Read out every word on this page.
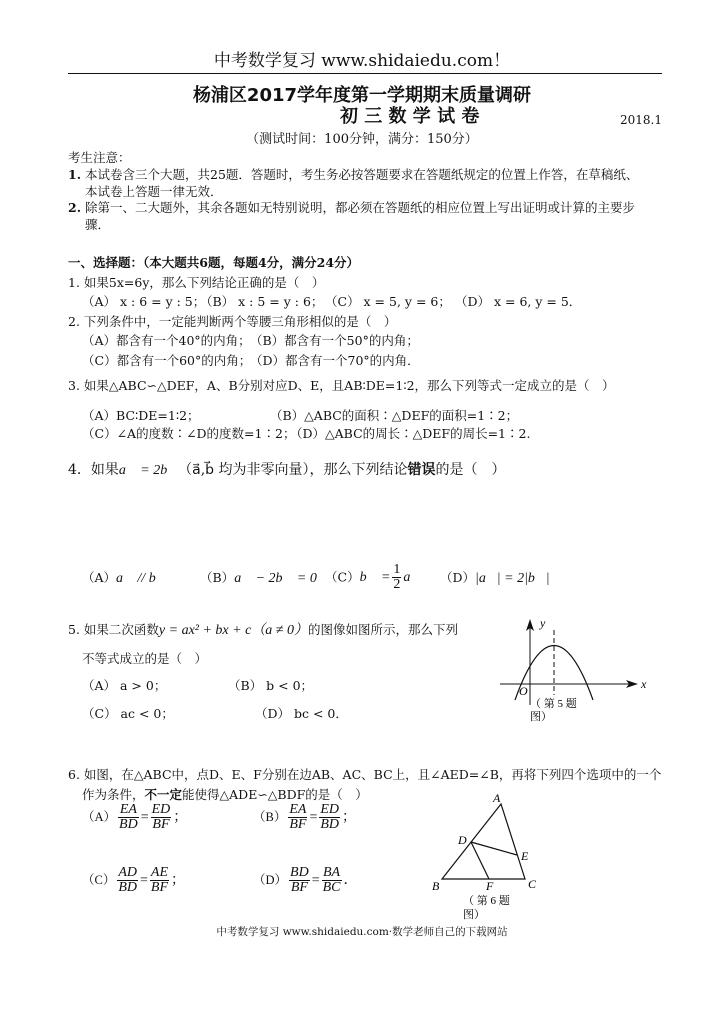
中考数学复习 www.shidaiedu.com！
杨浦区2017学年度第一学期期末质量调研
初 三 数 学 试 卷	2018.1
（测试时间：100分钟，满分：150分）
考生注意：
1. 本试卷含三个大题，共25题．答题时，考生务必按答题要求在答题纸规定的位置上作答，在草稿纸、
本试卷上答题一律无效．
2. 除第一、二大题外，其余各题如无特别说明，都必须在答题纸的相应位置上写出证明或计算的主要步
骤．
一、选择题：（本大题共6题，每题4分，满分24分）
1. 如果5x=6y，那么下列结论正确的是（　）
（A） x : 6 = y : 5；
（B） x : 5 = y : 6； （C） x = 5, y = 6； （D） x = 6, y = 5．
2. 下列条件中，一定能判断两个等腰三角形相似的是（　）
（A）都含有一个40°的内角； （B）都含有一个50°的内角；
（C）都含有一个60°的内角；
（D）都含有一个70°的内角．
3. 如果△ABC∽△DEF，A、B分别对应D、E，且AB∶DE=1∶2，那么下列等式一定成立的是（　）
（A）BC∶DE=1∶2；	（B）△ABC的面积∶△DEF的面积=1∶2；
（C）∠A的度数∶∠D的度数=1∶2；
（D）△ABC的周长∶△DEF的周长=1∶2.
4．如果a⃗ = 2b⃗（a⃗,b⃗ 均为非零向量），那么下列结论错误的是（　）
（A）a⃗ // b⃗； （B）a⃗ − 2b⃗ = 0；
（C）b⃗ = $\frac{1}{2}$ a⃗； （D）|a⃗| = 2|b⃗|．
5. 如果二次函数y = ax² + bx + c（a ≠ 0）的图像如图所示，那么下列
不等式成立的是（　）
（A） a > 0；	（B） b < 0；
（C） ac < 0；	（D） bc < 0．
y
x
O
（ 第 5 题
图）
6. 如图，在△ABC中，点D、E、F分别在边AB、AC、BC上，且∠AED=∠B，再将下列四个选项中的一个
作为条件，不一定能使得△ADE∽△BDF的是（　）
$(A) \frac{EA}{BD} = \frac{ED}{BF}$ ；	$(B) \frac{EA}{BF} = \frac{ED}{BD}$ ；
$(C) \frac{AD}{BD} = \frac{AE}{BF}$ ；	$(D) \frac{BD}{BF} = \frac{BA}{BC}$ ．
A
D
E
B	F	C
（ 第 6 题
图）
中考数学复习 www.shidaiedu.com·数学老师自己的下载网站
